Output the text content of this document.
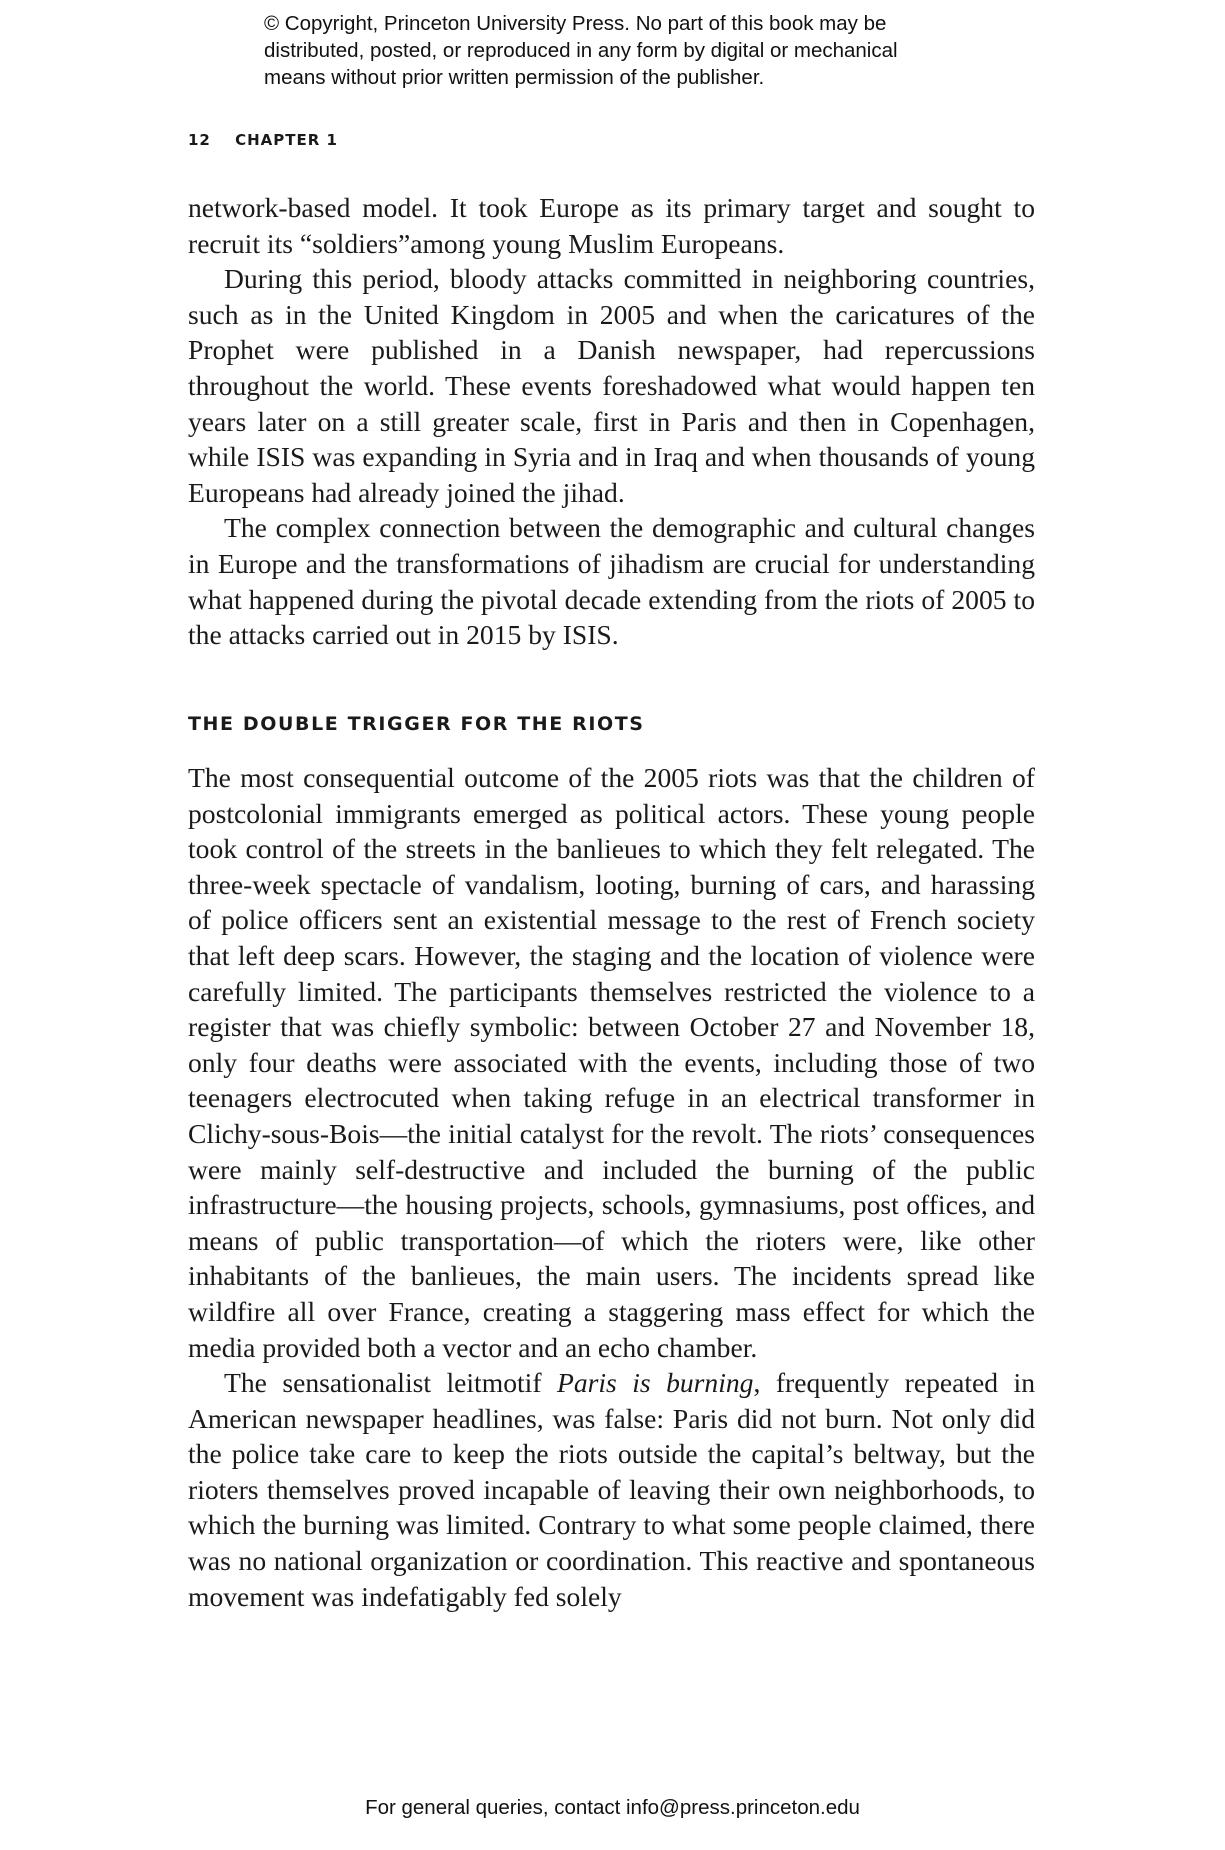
© Copyright, Princeton University Press. No part of this book may be
distributed, posted, or reproduced in any form by digital or mechanical
means without prior written permission of the publisher.
12 CHAPTER 1

network-based model. It took Europe as its primary target and sought to recruit its “soldiers”among young Muslim Europeans.

During this period, bloody attacks committed in neighboring countries, such as in the United Kingdom in 2005 and when the caricatures of the Prophet were published in a Danish newspaper, had repercussions throughout the world. These events foreshadowed what would happen ten years later on a still greater scale, first in Paris and then in Copenhagen, while ISIS was expanding in Syria and in Iraq and when thousands of young Europeans had already joined the jihad.

The complex connection between the demographic and cultural changes in Europe and the transformations of jihadism are crucial for understanding what happened during the pivotal decade extending from the riots of 2005 to the attacks carried out in 2015 by ISIS.

THE DOUBLE TRIGGER FOR THE RIOTS

The most consequential outcome of the 2005 riots was that the children of postcolonial immigrants emerged as political actors. These young people took control of the streets in the banlieues to which they felt relegated. The three-week spectacle of vandalism, looting, burning of cars, and harassing of police officers sent an existential message to the rest of French society that left deep scars. However, the staging and the location of violence were carefully limited. The participants themselves restricted the violence to a register that was chiefly symbolic: between October 27 and November 18, only four deaths were associated with the events, including those of two teenagers electrocuted when taking refuge in an electrical transformer in Clichy-sous-Bois—the initial catalyst for the revolt. The riots’ consequences were mainly self-destructive and included the burning of the public infrastructure—the housing projects, schools, gymnasiums, post offices, and means of public transportation—of which the rioters were, like other inhabitants of the banlieues, the main users. The incidents spread like wildfire all over France, creating a staggering mass effect for which the media provided both a vector and an echo chamber.

The sensationalist leitmotif Paris is burning, frequently repeated in American newspaper headlines, was false: Paris did not burn. Not only did the police take care to keep the riots outside the capital’s beltway, but the rioters themselves proved incapable of leaving their own neighborhoods, to which the burning was limited. Contrary to what some people claimed, there was no national organization or coordination. This reactive and spontaneous movement was indefatigably fed solely

For general queries, contact info@press.princeton.edu
